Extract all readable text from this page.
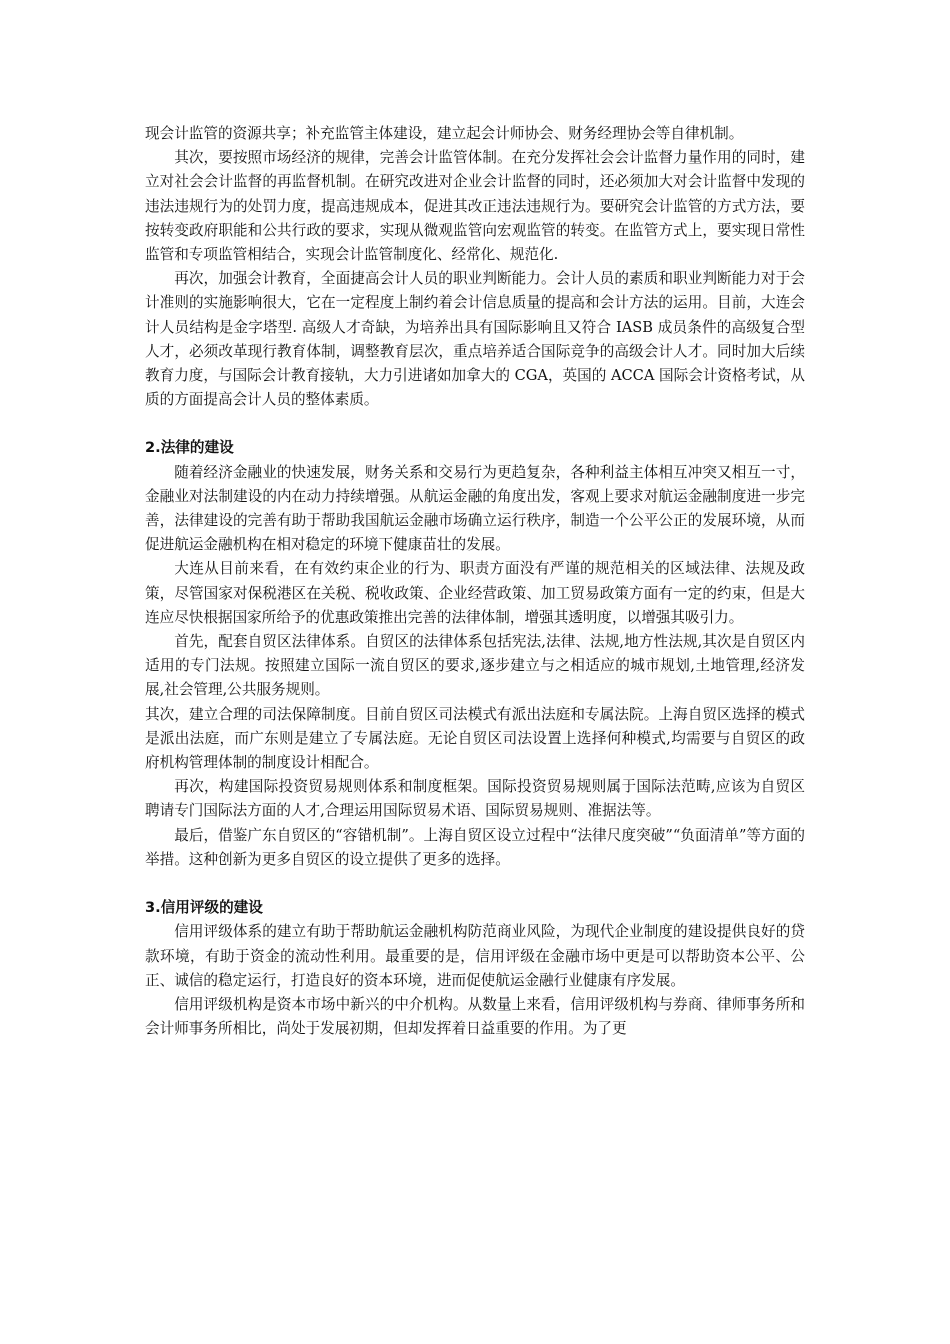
现会计监管的资源共享；补充监管主体建设，建立起会计师协会、财务经理协会等自律机制。

其次，要按照市场经济的规律，完善会计监管体制。在充分发挥社会会计监督力量作用的同时，建立对社会会计监督的再监督机制。在研究改进对企业会计监督的同时，还必须加大对会计监督中发现的违法违规行为的处罚力度，提高违规成本，促进其改正违法违规行为。要研究会计监管的方式方法，要按转变政府职能和公共行政的要求，实现从微观监管向宏观监管的转变。在监管方式上，要实现日常性监管和专项监管相结合，实现会计监管制度化、经常化、规范化.

再次，加强会计教育，全面捷高会计人员的职业判断能力。会计人员的素质和职业判断能力对于会计准则的实施影响很大，它在一定程度上制约着会计信息质量的提高和会计方法的运用。目前，大连会计人员结构是金字塔型. 高级人才奇缺，为培养出具有国际影响且又符合 IASB 成员条件的高级复合型人才，必须改革现行教育体制，调整教育层次，重点培养适合国际竞争的高级会计人才。同时加大后续教育力度，与国际会计教育接轨，大力引进诸如加拿大的 CGA，英国的 ACCA 国际会计资格考试，从质的方面提高会计人员的整体素质。

2.法律的建设

随着经济金融业的快速发展，财务关系和交易行为更趋复杂，各种利益主体相互冲突又相互一寸，金融业对法制建设的内在动力持续增强。从航运金融的角度出发，客观上要求对航运金融制度进一步完善，法律建设的完善有助于帮助我国航运金融市场确立运行秩序，制造一个公平公正的发展环境，从而促进航运金融机构在相对稳定的环境下健康苗壮的发展。

大连从目前来看，在有效约束企业的行为、职责方面没有严谨的规范相关的区域法律、法规及政策，尽管国家对保税港区在关税、税收政策、企业经营政策、加工贸易政策方面有一定的约束，但是大连应尽快根据国家所给予的优惠政策推出完善的法律体制，增强其透明度，以增强其吸引力。

首先，配套自贸区法律体系。自贸区的法律体系包括宪法,法律、法规,地方性法规,其次是自贸区内适用的专门法规。按照建立国际一流自贸区的要求,逐步建立与之相适应的城市规划,土地管理,经济发展,社会管理,公共服务规则。

其次，建立合理的司法保障制度。目前自贸区司法模式有派出法庭和专属法院。上海自贸区选择的模式是派出法庭，而广东则是建立了专属法庭。无论自贸区司法设置上选择何种模式,均需要与自贸区的政府机构管理体制的制度设计相配合。

再次，构建国际投资贸易规则体系和制度框架。国际投资贸易规则属于国际法范畴,应该为自贸区聘请专门国际法方面的人才,合理运用国际贸易术语、国际贸易规则、准据法等。

最后，借鉴广东自贸区的“容错机制”。上海自贸区设立过程中“法律尺度突破”“负面清单”等方面的举措。这种创新为更多自贸区的设立提供了更多的选择。

3.信用评级的建设

信用评级体系的建立有助于帮助航运金融机构防范商业风险，为现代企业制度的建设提供良好的贷款环境，有助于资金的流动性利用。最重要的是，信用评级在金融市场中更是可以帮助资本公平、公正、诚信的稳定运行，打造良好的资本环境，进而促使航运金融行业健康有序发展。

信用评级机构是资本市场中新兴的中介机构。从数量上来看，信用评级机构与券商、律师事务所和会计师事务所相比，尚处于发展初期，但却发挥着日益重要的作用。为了更
